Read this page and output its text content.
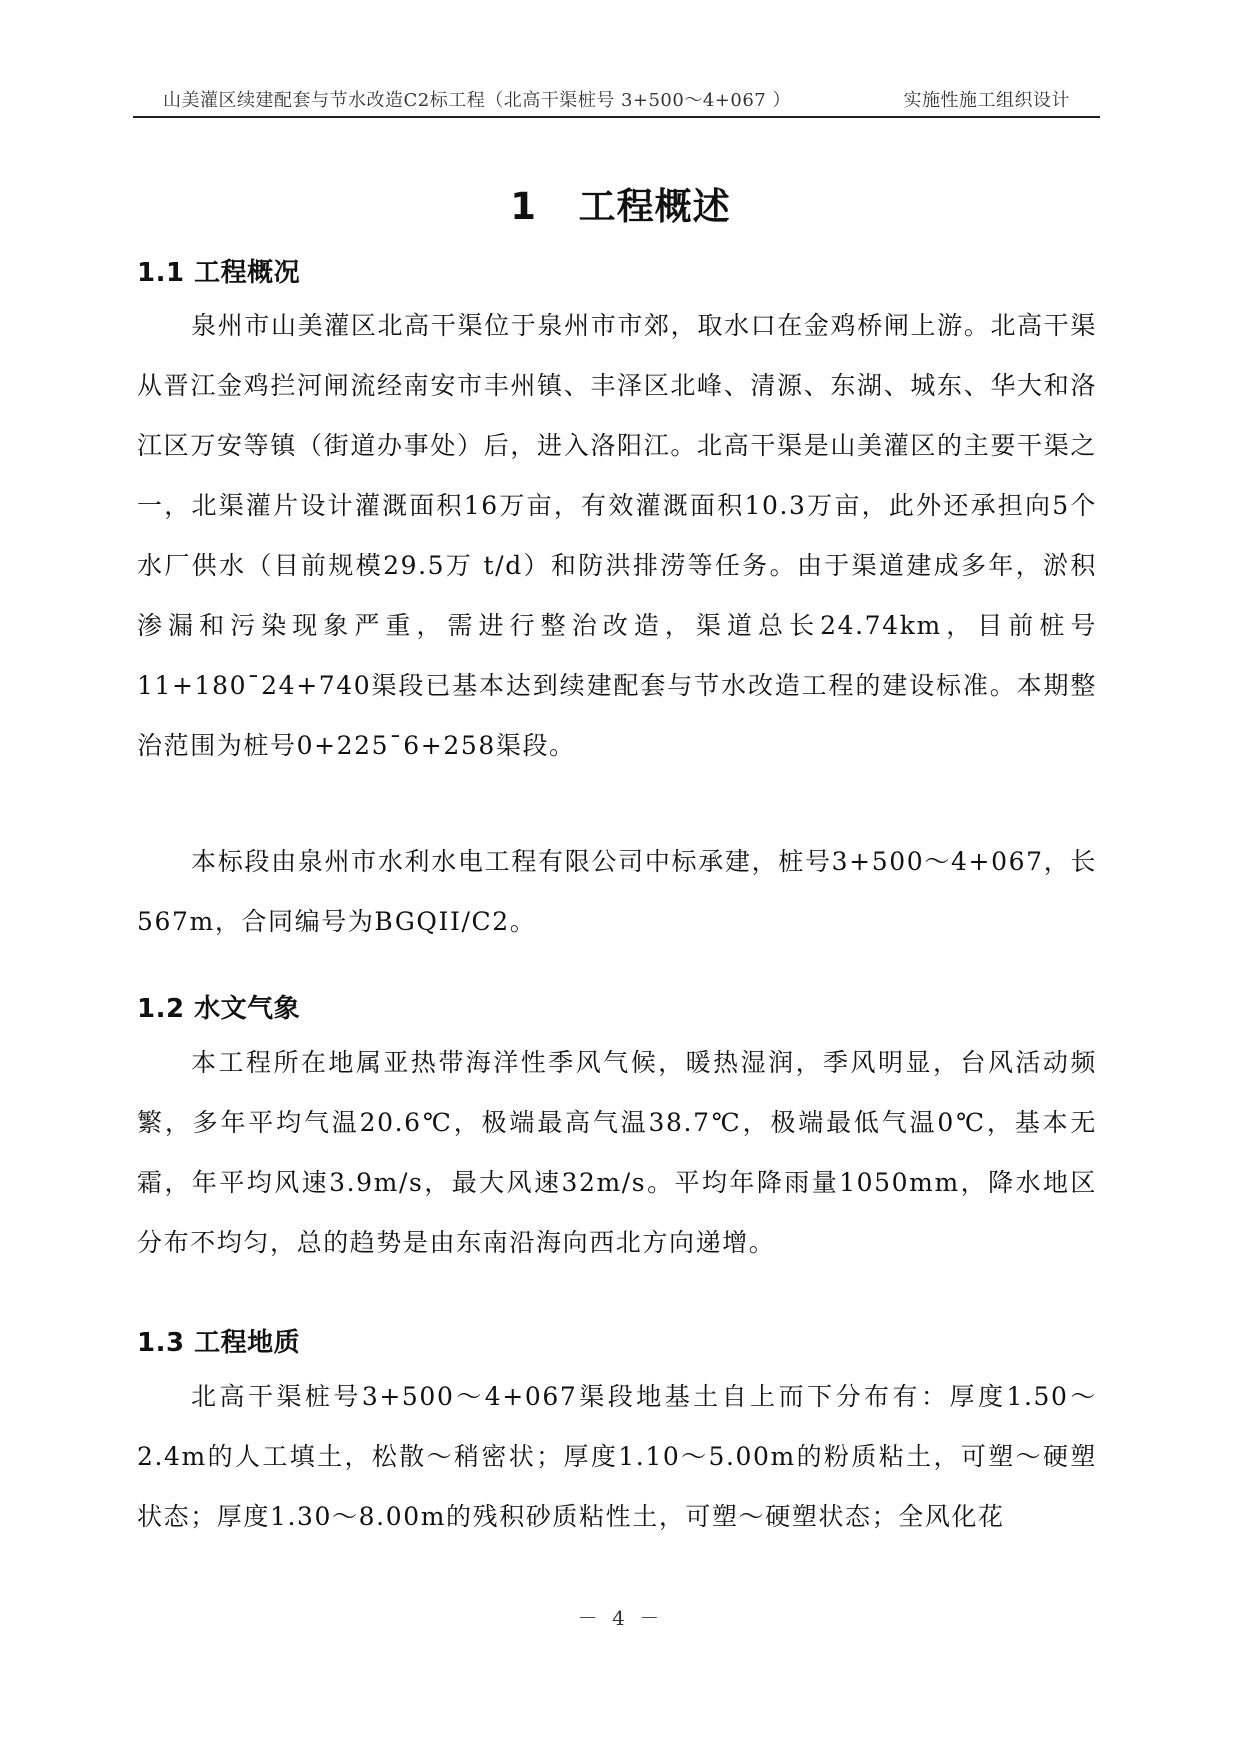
山美灌区续建配套与节水改造C2标工程（北高干渠桩号 3+500～4+067 ）	实施性施工组织设计
1   工程概述
1.1 工程概况

泉州市山美灌区北高干渠位于泉州市市郊，取水口在金鸡桥闸上游。北高干渠从晋江金鸡拦河闸流经南安市丰州镇、丰泽区北峰、清源、东湖、城东、华大和洛江区万安等镇（街道办事处）后，进入洛阳江。北高干渠是山美灌区的主要干渠之一，北渠灌片设计灌溉面积16万亩，有效灌溉面积10.3万亩，此外还承担向5个水厂供水（目前规模29.5万 t/d）和防洪排涝等任务。由于渠道建成多年，淤积渗漏和污染现象严重，需进行整治改造，渠道总长24.74km，目前桩号11+180¯24+740渠段已基本达到续建配套与节水改造工程的建设标准。本期整治范围为桩号0+225¯6+258渠段。

本标段由泉州市水利水电工程有限公司中标承建，桩号3+500～4+067，长567m，合同编号为BGQII/C2。

1.2 水文气象

本工程所在地属亚热带海洋性季风气候，暖热湿润，季风明显，台风活动频繁，多年平均气温20.6℃，极端最高气温38.7℃，极端最低气温0℃，基本无霜，年平均风速3.9m/s，最大风速32m/s。平均年降雨量1050mm，降水地区分布不均匀，总的趋势是由东南沿海向西北方向递增。

1.3 工程地质

北高干渠桩号3+500～4+067渠段地基土自上而下分布有：厚度1.50～2.4m的人工填土，松散～稍密状；厚度1.10～5.00m的粉质粘土，可塑～硬塑状态；厚度1.30～8.00m的残积砂质粘性土，可塑～硬塑状态；全风化花

－ 4 －
